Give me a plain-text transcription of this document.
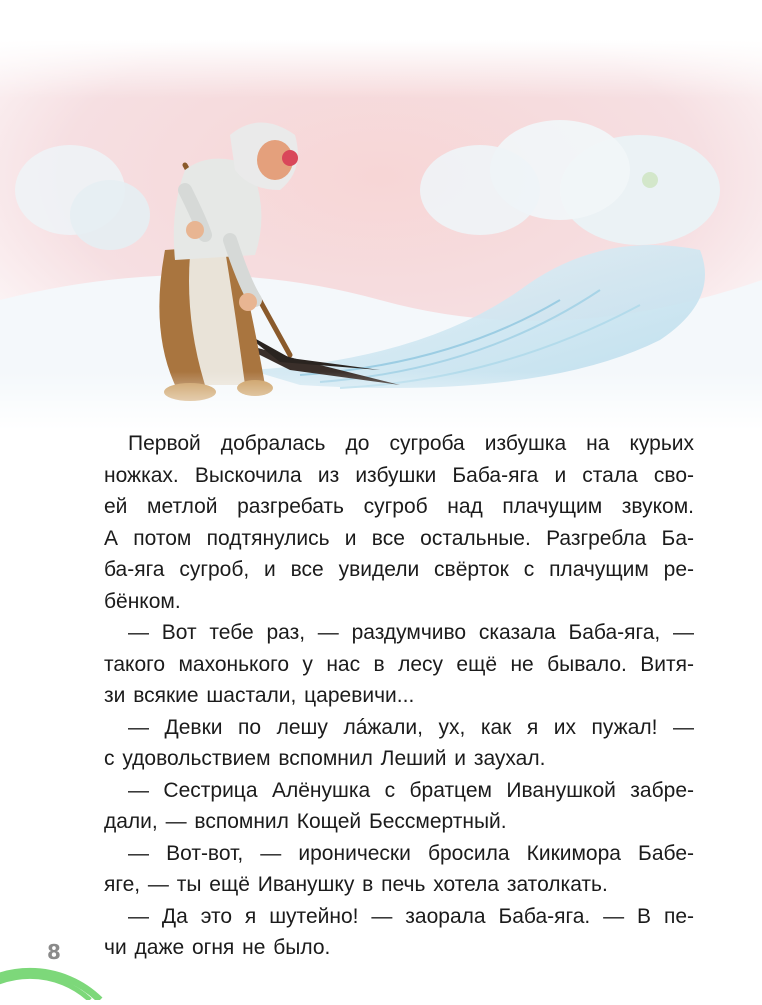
Первой добралась до сугроба избушка на курьих
ножках. Выскочила из избушки Баба-яга и стала сво-
ей метлой разгребать сугроб над плачущим звуком.
А потом подтянулись и все остальные. Разгребла Ба-
ба-яга сугроб, и все увидели свёрток с плачущим ре-
бёнком.
— Вот тебе раз, — раздумчиво сказала Баба-яга, —
такого махонького у нас в лесу ещё не бывало. Витя-
зи всякие шастали, царевичи...
— Девки по лешу лáжали, ух, как я их пужал! —
с удовольствием вспомнил Леший и заухал.
— Сестрица Алёнушка с братцем Иванушкой забре-
дали, — вспомнил Кощей Бессмертный.
— Вот-вот, — иронически бросила Кикимора Бабе-
яге, — ты ещё Иванушку в печь хотела затолкать.
— Да это я шутейно! — заорала Баба-яга. — В пе-
чи даже огня не было.
8
